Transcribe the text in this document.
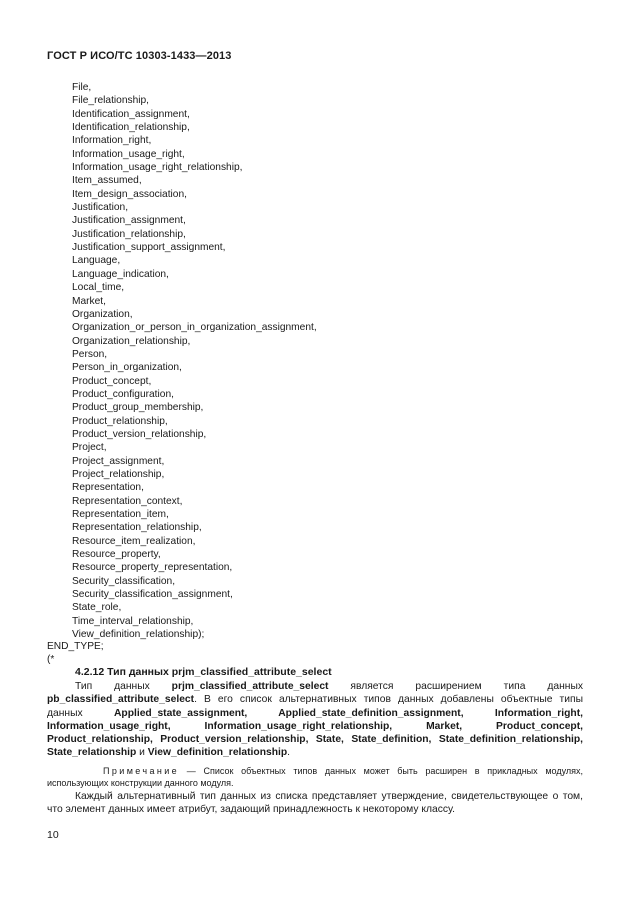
ГОСТ Р ИСО/ТС 10303-1433—2013
File,
File_relationship,
Identification_assignment,
Identification_relationship,
Information_right,
Information_usage_right,
Information_usage_right_relationship,
Item_assumed,
Item_design_association,
Justification,
Justification_assignment,
Justification_relationship,
Justification_support_assignment,
Language,
Language_indication,
Local_time,
Market,
Organization,
Organization_or_person_in_organization_assignment,
Organization_relationship,
Person,
Person_in_organization,
Product_concept,
Product_configuration,
Product_group_membership,
Product_relationship,
Product_version_relationship,
Project,
Project_assignment,
Project_relationship,
Representation,
Representation_context,
Representation_item,
Representation_relationship,
Resource_item_realization,
Resource_property,
Resource_property_representation,
Security_classification,
Security_classification_assignment,
State_role,
Time_interval_relationship,
View_definition_relationship);
END_TYPE;
(*
4.2.12 Тип данных prjm_classified_attribute_select
Тип данных prjm_classified_attribute_select является расширением типа данных pb_classified_attribute_select. В его список альтернативных типов данных добавлены объектные типы данных Applied_state_assignment, Applied_state_definition_assignment, Information_right, Information_usage_right, Information_usage_right_relationship, Market, Product_concept, Product_relationship, Product_version_relationship, State, State_definition, State_definition_relationship, State_relationship и View_definition_relationship.
Примечание — Список объектных типов данных может быть расширен в прикладных модулях, использующих конструкции данного модуля.
Каждый альтернативный тип данных из списка представляет утверждение, свидетельствующее о том, что элемент данных имеет атрибут, задающий принадлежность к некоторому классу.
10
